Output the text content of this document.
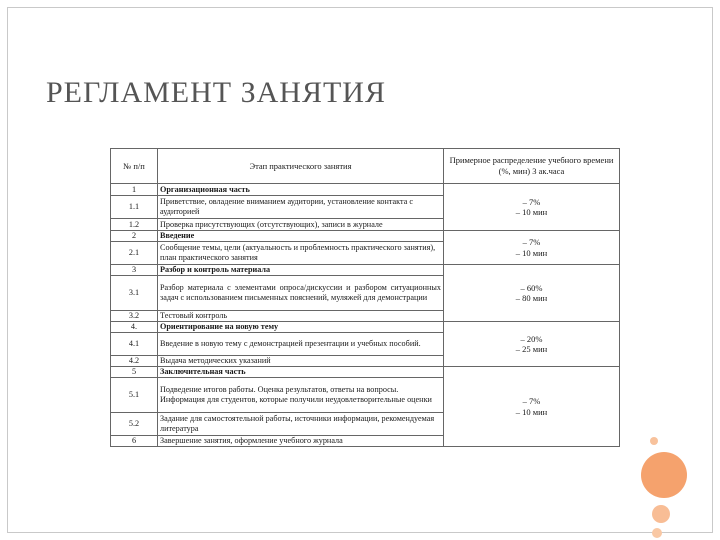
РЕГЛАМЕНТ ЗАНЯТИЯ
№ п/п	Этап практического занятия	Примерное распределение учебного времени (%, мин) 3 ак.часа
1	Организационная часть	– 7%
– 10 мин

1.1	Приветствие, овладение вниманием аудитории, установление контакта с аудиторией	
1.2	Проверка присутствующих (отсутствующих), записи в журнале	
2	Введение	– 7%
– 10 мин

2.1	Сообщение темы, цели (актуальность и проблемность практического занятия), план практического занятия	
3	Разбор и контроль материала	– 60%
– 80 мин

3.1	Разбор материала с элементами опроса/дискуссии и разбором ситуационных задач с использованием письменных пояснений, муляжей для демонстрации	
3.2	Тестовый контроль	
4.	Ориентирование на новую тему	– 20%
– 25 мин

4.1	Введение в новую тему с демонстрацией презентации и учебных пособий.	
4.2	Выдача методических указаний	
5	Заключительная часть	– 7%
– 10 мин

5.1	Подведение итогов работы. Оценка результатов, ответы на вопросы. Информация для студентов, которые получили неудовлетворительные оценки	
5.2	Задание для самостоятельной работы, источники информации, рекомендуемая литература	
6	Завершение занятия, оформление учебного журнала	
